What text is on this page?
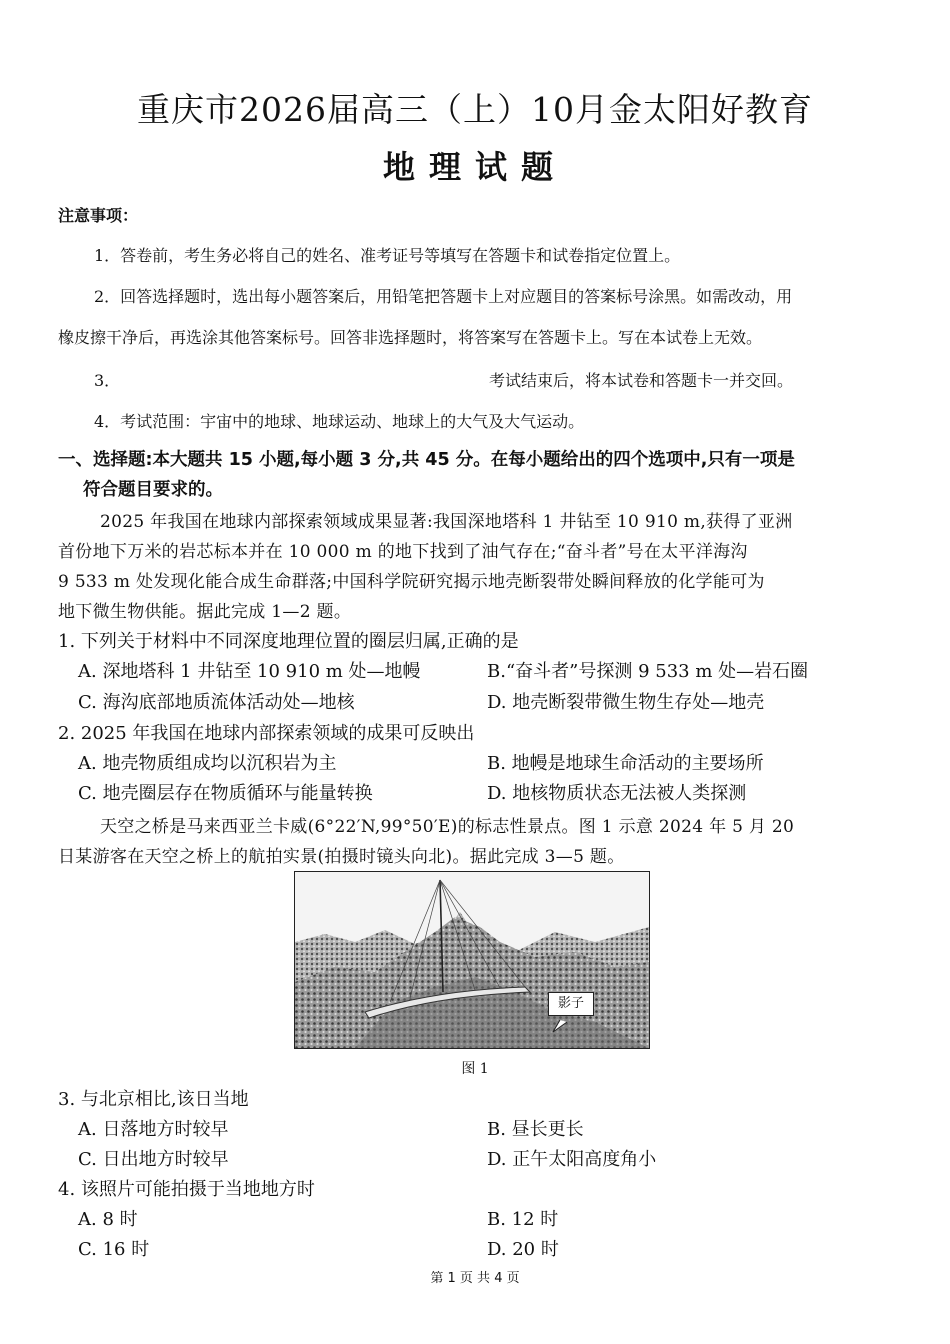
重庆市2026届高三（上）10月金太阳好教育
地理试题
注意事项：
1．答卷前，考生务必将自己的姓名、准考证号等填写在答题卡和试卷指定位置上。
2．回答选择题时，选出每小题答案后，用铅笔把答题卡上对应题目的答案标号涂黑。如需改动，用
橡皮擦干净后，再选涂其他答案标号。回答非选择题时，将答案写在答题卡上。写在本试卷上无效。
3．	考试结束后，将本试卷和答题卡一并交回。
4．考试范围：宇宙中的地球、地球运动、地球上的大气及大气运动。
一、选择题:本大题共 15 小题,每小题 3 分,共 45 分。在每小题给出的四个选项中,只有一项是
符合题目要求的。
2025 年我国在地球内部探索领域成果显著:我国深地塔科 1 井钻至 10 910 m,获得了亚洲
首份地下万米的岩芯标本并在 10 000 m 的地下找到了油气存在;“奋斗者”号在太平洋海沟
9 533 m 处发现化能合成生命群落;中国科学院研究揭示地壳断裂带处瞬间释放的化学能可为
地下微生物供能。据此完成 1—2 题。
1. 下列关于材料中不同深度地理位置的圈层归属,正确的是
A. 深地塔科 1 井钻至 10 910 m 处—地幔	B.“奋斗者”号探测 9 533 m 处—岩石圈
C. 海沟底部地质流体活动处—地核	D. 地壳断裂带微生物生存处—地壳
2. 2025 年我国在地球内部探索领域的成果可反映出
A. 地壳物质组成均以沉积岩为主	B. 地幔是地球生命活动的主要场所
C. 地壳圈层存在物质循环与能量转换	D. 地核物质状态无法被人类探测
天空之桥是马来西亚兰卡威(6°22′N,99°50′E)的标志性景点。图 1 示意 2024 年 5 月 20
日某游客在天空之桥上的航拍实景(拍摄时镜头向北)。据此完成 3—5 题。
影子
图 1
3. 与北京相比,该日当地
A. 日落地方时较早	B. 昼长更长
C. 日出地方时较早	D. 正午太阳高度角小
4. 该照片可能拍摄于当地地方时
A. 8 时	B. 12 时
C. 16 时	D. 20 时
第 1 页 共 4 页
